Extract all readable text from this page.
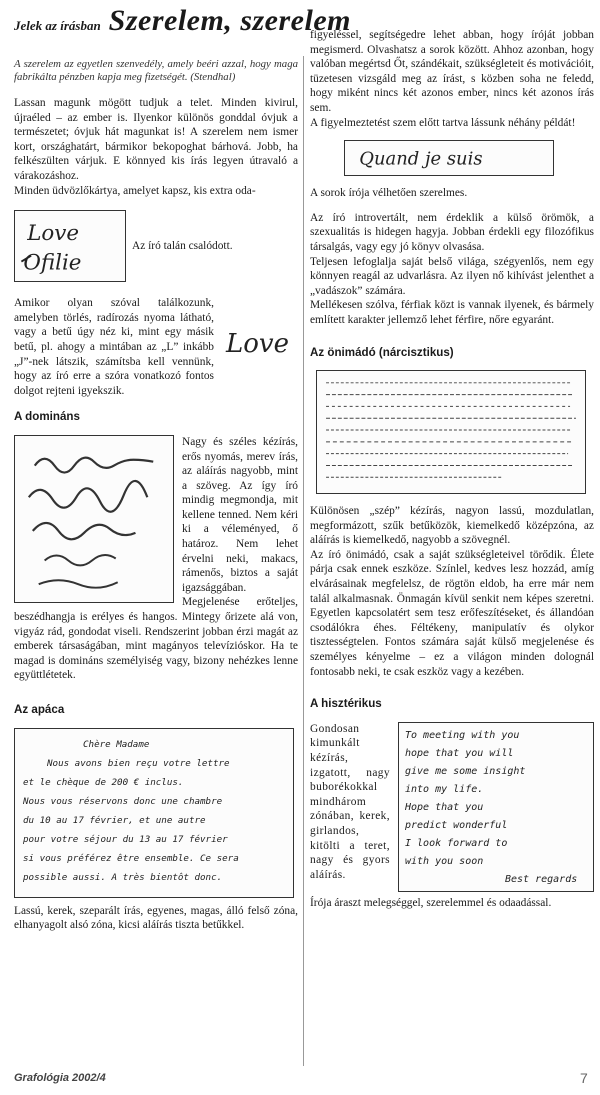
Jelek az írásban Szerelem, szerelem

A szerelem az egyetlen szenvedély, amely beéri azzal, hogy maga fabrikálta pénzben kapja meg fizetségét. (Stendhal)

Lassan magunk mögött tudjuk a telet. Minden kivirul, újraéled – az ember is. Ilyenkor különös gonddal óvjuk a természetet; óvjuk hát magunkat is! A szerelem nem ismer kort, országhatárt, bármikor bekopoghat bárhová. Jobb, ha felkészülten várjuk. E könnyed kis írás legyen útravaló a várakozáshoz.

Minden üdvözlőkártya, amelyet kapsz, kis extra oda-

Love
Ofilie
Az író talán csalódott.
Love

Amikor olyan szóval találkozunk, amelyben törlés, radírozás nyoma látható, vagy a betű úgy néz ki, mint egy másik betű, pl. ahogy a mintában az „L” inkább „J”-nek látszik, számítsba kell vennünk, hogy az író erre a szóra vonatkozó fontos dolgot rejteni igyekszik.

A domináns

Nagy és széles kézírás, erős nyomás, merev írás, az aláírás nagyobb, mint a szöveg. Az így író mindig megmondja, mit kellene tenned. Nem kéri ki a véleményed, ő határoz. Nem lehet érvelni neki, makacs, rámenős, biztos a saját igazsággában. Megjelenése erőteljes, beszédhangja is erélyes és hangos. Mintegy őrizete alá von, vigyáz rád, gondodat viseli. Rendszerint jobban érzi magát az emberek társaságában, mint magányos televízióskor. Ha te magad is domináns személyiség vagy, bizony nehézkes lenne együttlétetek.

Az apáca
Chère Madame
Nous avons bien reçu votre lettre
et le chèque de 200 € inclus.
Nous vous réservons donc une chambre
du 10 au 17 février, et une autre
pour votre séjour du 13 au 17 février
si vous préférez être ensemble. Ce sera
possible aussi. A très bientôt donc.

Lassú, kerek, szeparált írás, egyenes, magas, álló felső zóna, elhanyagolt alsó zóna, kicsi aláírás tiszta betűkkel.

figyeléssel, segítségedre lehet abban, hogy íróját jobban megismerd. Olvashatsz a sorok között. Ahhoz azonban, hogy valóban megértsd Őt, szándékait, szükségleteit és motivációit, tüzetesen vizsgáld meg az írást, s közben soha ne feledd, hogy miként nincs két azonos ember, nincs két azonos írás sem.

A figyelmeztetést szem előtt tartva lássunk néhány példát!

Quand je suis

A sorok írója vélhetően szerelmes.

Az író introvertált, nem érdeklik a külső örömök, a szexualitás is hidegen hagyja. Jobban érdekli egy filozófikus társalgás, vagy egy jó könyv olvasása.

Teljesen lefoglalja saját belső világa, szégyenlős, nem egy könnyen reagál az udvarlásra. Az ilyen nő kihívást jelenthet a „vadászok” számára.

Mellékesen szólva, férfiak közt is vannak ilyenek, és bármely említett karakter jellemző lehet férfire, nőre egyaránt.

Az önimádó (nárcisztikus)

Különösen „szép” kézírás, nagyon lassú, mozdulatlan, megformázott, szűk betűközök, kiemelkedő középzóna, az aláírás is kiemelkedő, nagyobb a szövegnél.

Az író önimádó, csak a saját szükségleteivel törődik. Élete párja csak ennek eszköze. Színlel, kedves lesz hozzád, amíg elvárásainak megfelelsz, de rögtön eldob, ha erre már nem talál alkalmasnak. Önmagán kívül senkit nem képes szeretni. Egyetlen kapcsolatért sem tesz erőfeszítéseket, és állandóan csodálókra éhes. Féltékeny, manipulatív és olykor tisztességtelen. Fontos számára saját külső megjelenése és személyes kényelme – ez a világon minden dolognál fontosabb neki, te csak eszköz vagy a kezében.

A hisztérikus
To meeting with you
hope that you will
give me some insight
into my life.
Hope that you
predict wonderful
I look forward to
with you soon
Best regards

Gondosan kimunkált kézírás, izgatott, nagy buborékokkal mindhárom zónában, kerek, girlandos, kitölti a teret, nagy és gyors aláírás.

Írója áraszt melegséggel, szerelemmel és odaadással.

Grafológia 2002/4	7
